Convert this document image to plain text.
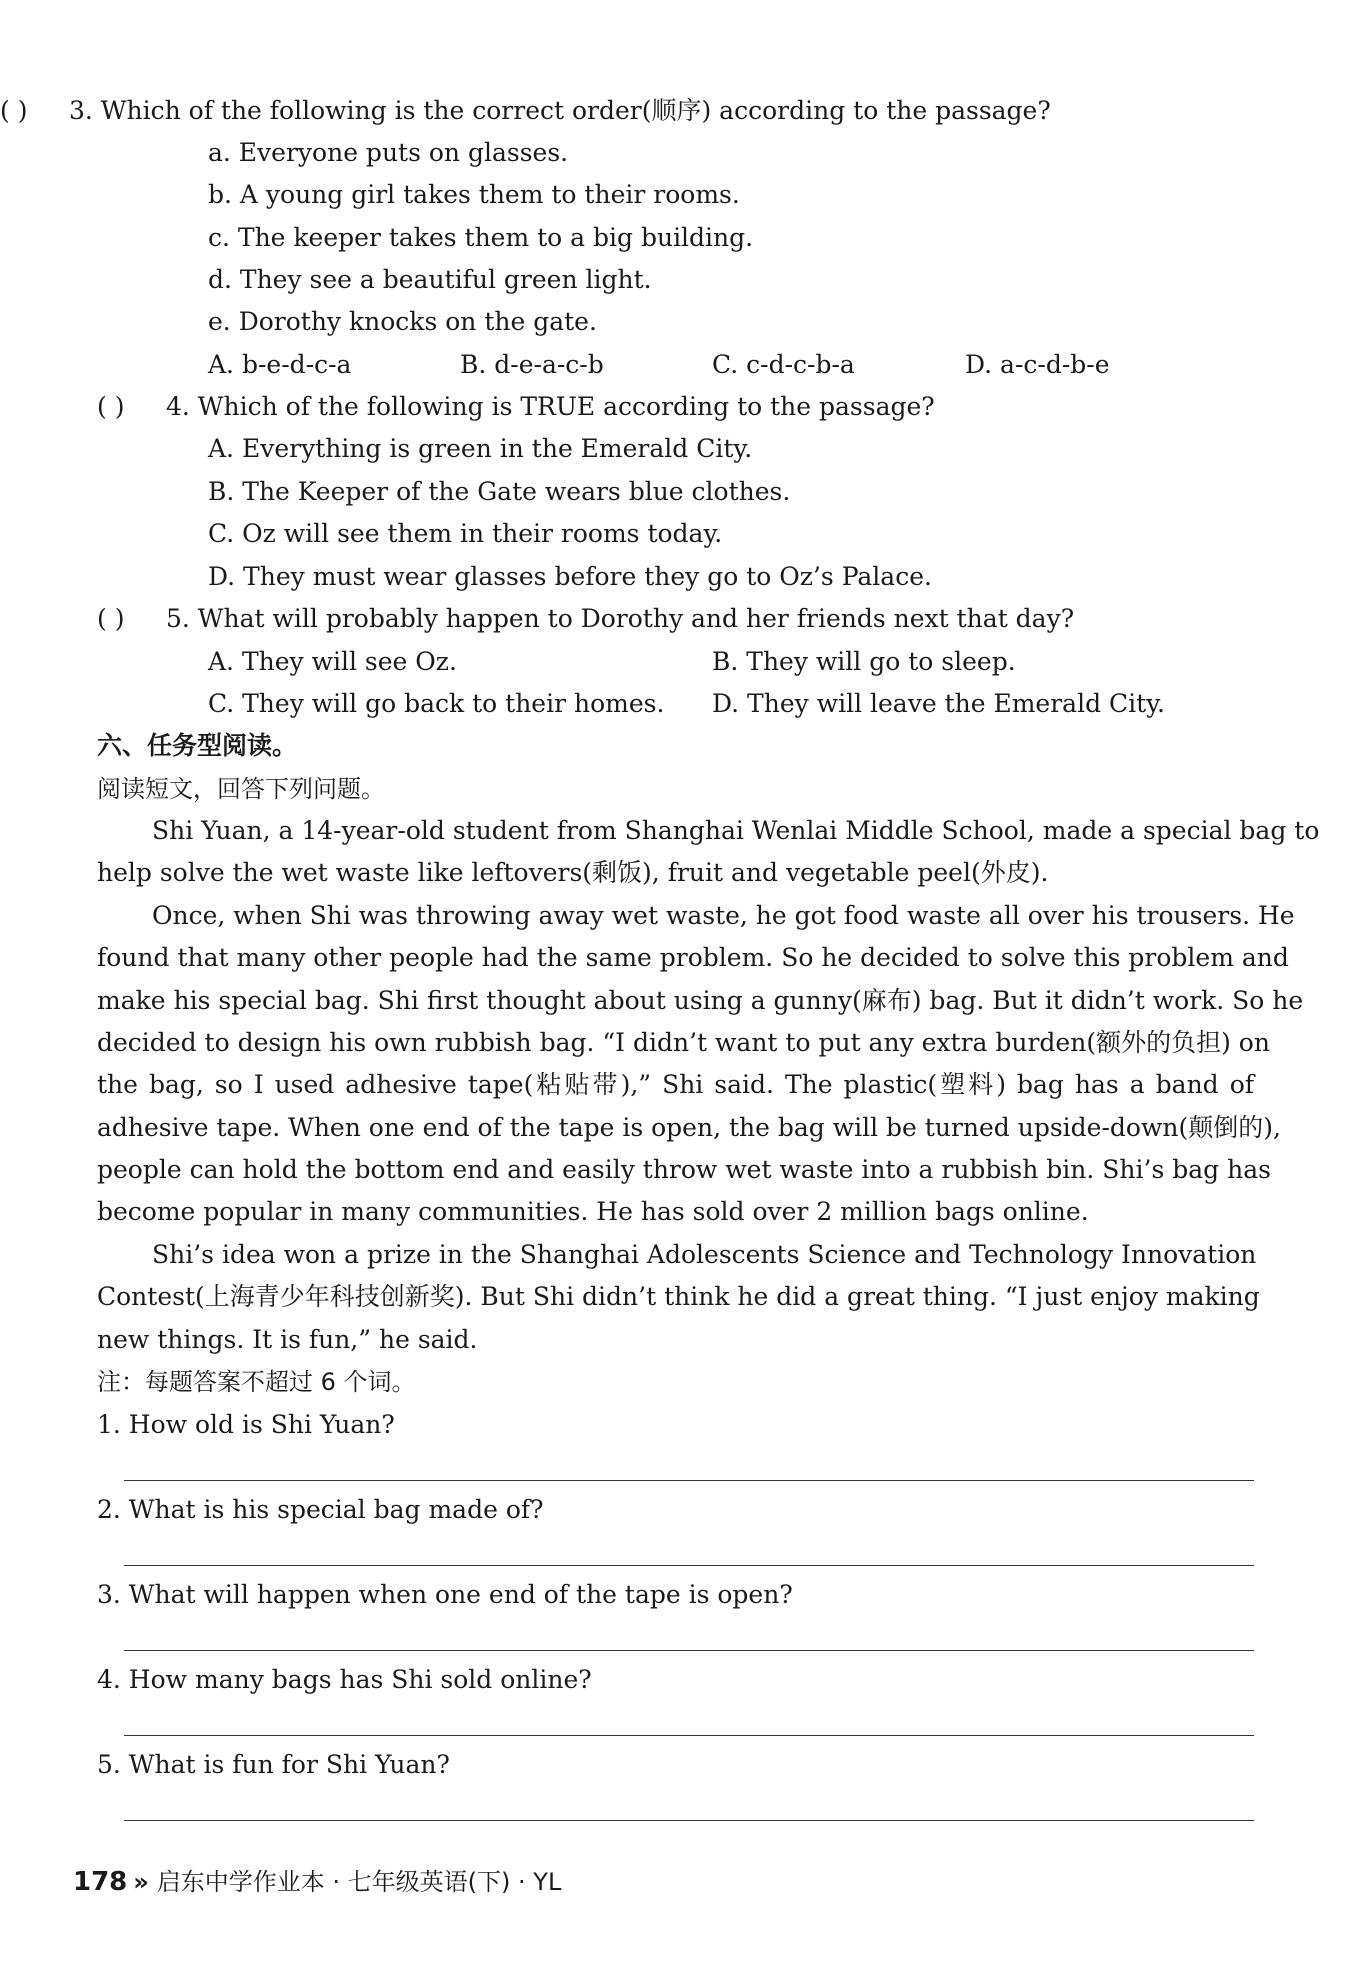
( ) 3. Which of the following is the correct order(顺序) according to the passage?
a. Everyone puts on glasses.
b. A young girl takes them to their rooms.
c. The keeper takes them to a big building.
d. They see a beautiful green light.
e. Dorothy knocks on the gate.
A. b-e-d-c-a	B. d-e-a-c-b	C. c-d-c-b-a	D. a-c-d-b-e
( ) 4. Which of the following is TRUE according to the passage?
A. Everything is green in the Emerald City.
B. The Keeper of the Gate wears blue clothes.
C. Oz will see them in their rooms today.
D. They must wear glasses before they go to Oz’s Palace.
( ) 5. What will probably happen to Dorothy and her friends next that day?
A. They will see Oz.	B. They will go to sleep.
C. They will go back to their homes. D. They will leave the Emerald City.
六、任务型阅读。
阅读短文，回答下列问题。
Shi Yuan, a 14-year-old student from Shanghai Wenlai Middle School, made a special bag to
help solve the wet waste like leftovers(剩饭), fruit and vegetable peel(外皮).
Once, when Shi was throwing away wet waste, he got food waste all over his trousers. He
found that many other people had the same problem. So he decided to solve this problem and
make his special bag. Shi first thought about using a gunny(麻布) bag. But it didn’t work. So he
decided to design his own rubbish bag. “I didn’t want to put any extra burden(额外的负担) on
the bag, so I used adhesive tape(粘贴带),” Shi said. The plastic(塑料) bag has a band of
adhesive tape. When one end of the tape is open, the bag will be turned upside-down(颠倒的),
people can hold the bottom end and easily throw wet waste into a rubbish bin. Shi’s bag has
become popular in many communities. He has sold over 2 million bags online.
Shi’s idea won a prize in the Shanghai Adolescents Science and Technology Innovation
Contest(上海青少年科技创新奖). But Shi didn’t think he did a great thing. “I just enjoy making
new things. It is fun,” he said.
注：每题答案不超过 6 个词。
1. How old is Shi Yuan?
2. What is his special bag made of?
3. What will happen when one end of the tape is open?
4. How many bags has Shi sold online?
5. What is fun for Shi Yuan?
178 » 启东中学作业本 · 七年级英语(下) · YL
